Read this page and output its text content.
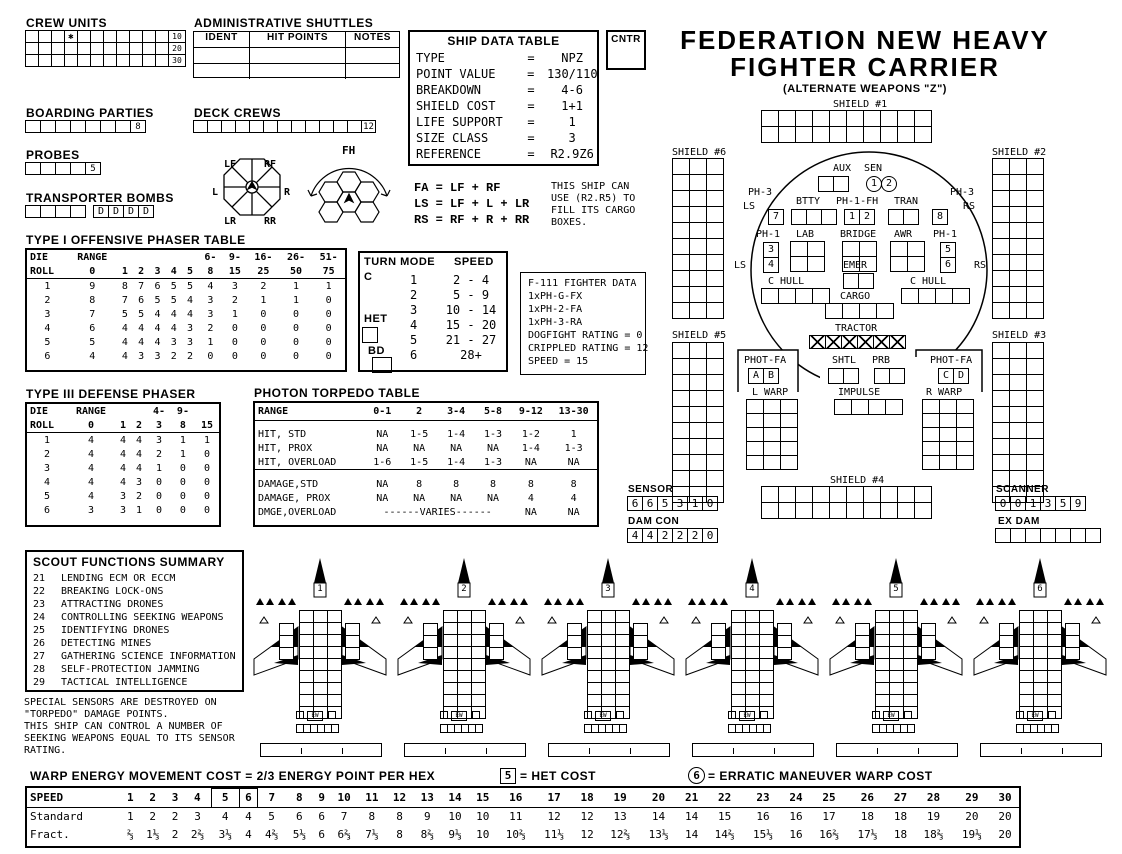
CREW UNITS
✱	10
20
30
ADMINISTRATIVE SHUTTLES
IDENT	HIT POINTS	NOTES
BOARDING PARTIES
8
DECK CREWS
12
PROBES
5
TRANSPORTER BOMBS
D D D D
LF	RF
L	R
LR	RR
FH
FA = LF + RF
LS = LF + L + LR
RS = RF + R + RR
THIS SHIP CAN
USE (R2.R5) TO
FILL ITS CARGO
BOXES.
SHIP DATA TABLE
TYPE	=	NPZ
POINT VALUE	=	130/110
BREAKDOWN	=	4-6
SHIELD COST	=	1+1
LIFE SUPPORT	=	1
SIZE CLASS	=	3
REFERENCE	=	R2.9Z6
CNTR	FEDERATION NEW HEAVY
FIGHTER CARRIER
(ALTERNATE WEAPONS "Z")
TYPE I OFFENSIVE PHASER TABLE
DIE	RANGE						6-	9-	16-	26-	51-
ROLL	0	1	2	3	4	5	8	15	25	50	75
1	9	8	7	6	5	5	4	3	2	1	1
2	8	7	6	5	5	4	3	2	1	1	0
3	7	5	5	4	4	4	3	1	0	0	0
4	6	4	4	4	4	3	2	0	0	0	0
5	5	4	4	4	3	3	1	0	0	0	0
6	4	4	3	3	2	2	0	0	0	0	0
TURN MODE SPEED
C
HET
BD
1	2 - 4
2	5 - 9
3	10 - 14
4	15 - 20
5	21 - 27
6	28+
F-111 FIGHTER DATA
1xPH-G-FX
1xPH-2-FA
1xPH-3-RA
DOGFIGHT RATING = 0
CRIPPLED RATING = 12
SPEED = 15
TYPE III DEFENSE PHASER
DIE	RANGE			4-	9-	
ROLL	0	1	2	3	8	15
1	4	4	4	3	1	1
2	4	4	4	2	1	0
3	4	4	4	1	0	0
4	4	4	3	0	0	0
5	4	3	2	0	0	0
6	3	3	1	0	0	0
PHOTON TORPEDO TABLE
RANGE	0-1	2	3-4	5-8	9-12	13-30

HIT, STD	NA	1-5	1-4	1-3	1-2	1
HIT, PROX	NA	NA	NA	NA	1-4	1-3
HIT, OVERLOAD	1-6	1-5	1-4	1-3	NA	NA

DAMAGE,STD	NA	8	8	8	8	8
DAMAGE, PROX	NA	NA	NA	NA	4	4
DMGE,OVERLOAD	------VARIES------				NA	NA
SCOUT FUNCTIONS SUMMARY
21	LENDING ECM OR ECCM
22	BREAKING LOCK-ONS
23	ATTRACTING DRONES
24	CONTROLLING SEEKING WEAPONS
25	IDENTIFYING DRONES
26	DETECTING MINES
27	GATHERING SCIENCE INFORMATION
28	SELF-PROTECTION JAMMING
29	TACTICAL INTELLIGENCE
SPECIAL SENSORS ARE DESTROYED ON
"TORPEDO" DAMAGE POINTS.
THIS SHIP CAN CONTROL A NUMBER OF
SEEKING WEAPONS EQUAL TO ITS SENSOR
RATING.
SHIELD #1
SHIELD #6	SHIELD #2
SHIELD #5	SHIELD #3
SHIELD #4
AUX SEN
1 2
PH-3
LS
PH-3
RS
BTTY PH-1-FH
1 2
TRAN
7	8
PH-1	PH-1
3
4
5
6
LS	RS
LAB	BRIDGE AWR
EMER
C HULL	C HULL
CARGO
TRACTOR
PHOT-FA
A B
PHOT-FA
C D
SHTL PRB
L WARP	R WARP
IMPULSE
SENSOR
6 6 5 3 1 0
DAM CON
4 4 2 2 2 0
SCANNER
0 0 1 3 5 9
EX DAM
1
EW
2
EW
3
EW
4
EW
5
EW
6
EW
WARP ENERGY MOVEMENT COST = 2/3 ENERGY POINT PER HEX	5 = HET COST	6 = ERRATIC MANEUVER WARP COST
SPEED	1	2	3	4	5	6	7	8	9	10	11	12	13	14	15	16	17	18	19	20	21	22	23	24	25	26	27	28	29	30
Standard	1	2	2	3	4	4	5	6	6	7	8	8	9	10	10	11	12	12	13	14	14	15	16	16	17	18	18	19	20	20
Fract.	⅔	1⅓	2	2⅔	3⅓	4	4⅔	5⅓	6	6⅔	7⅓	8	8⅔	9⅓	10	10⅔	11⅓	12	12⅔	13⅓	14	14⅔	15⅓	16	16⅔	17⅓	18	18⅔	19⅓	20
